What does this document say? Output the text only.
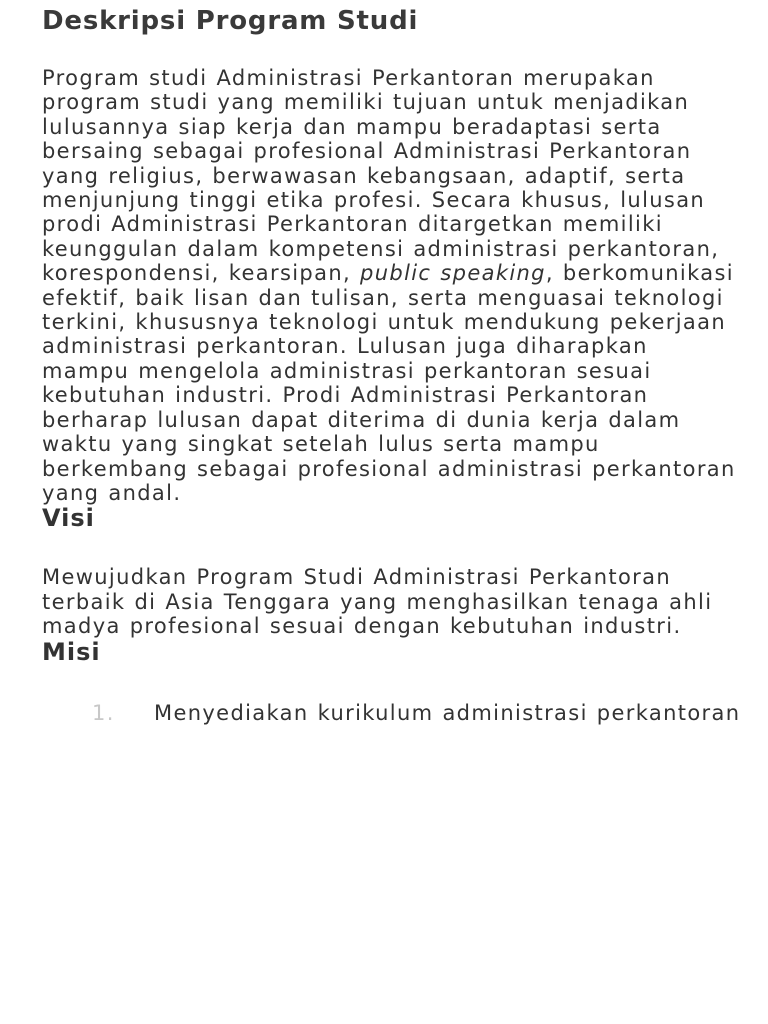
Deskripsi Program Studi

Program studi Administrasi Perkantoran merupakan program studi yang memiliki tujuan untuk menjadikan lulusannya siap kerja dan mampu beradaptasi serta bersaing sebagai profesional Administrasi Perkantoran yang religius, berwawasan kebangsaan, adaptif, serta menjunjung tinggi etika profesi. Secara khusus, lulusan prodi Administrasi Perkantoran ditargetkan memiliki keunggulan dalam kompetensi administrasi perkantoran, korespondensi, kearsipan, public speaking, berkomunikasi efektif, baik lisan dan tulisan, serta menguasai teknologi terkini, khususnya teknologi untuk mendukung pekerjaan administrasi perkantoran. Lulusan juga diharapkan mampu mengelola administrasi perkantoran sesuai kebutuhan industri. Prodi Administrasi Perkantoran berharap lulusan dapat diterima di dunia kerja dalam waktu yang singkat setelah lulus serta mampu berkembang sebagai profesional administrasi perkantoran yang andal.

Visi

Mewujudkan Program Studi Administrasi Perkantoran terbaik di Asia Tenggara yang menghasilkan tenaga ahli madya profesional sesuai dengan kebutuhan industri.

Misi
1. Menyediakan kurikulum administrasi perkantoran
